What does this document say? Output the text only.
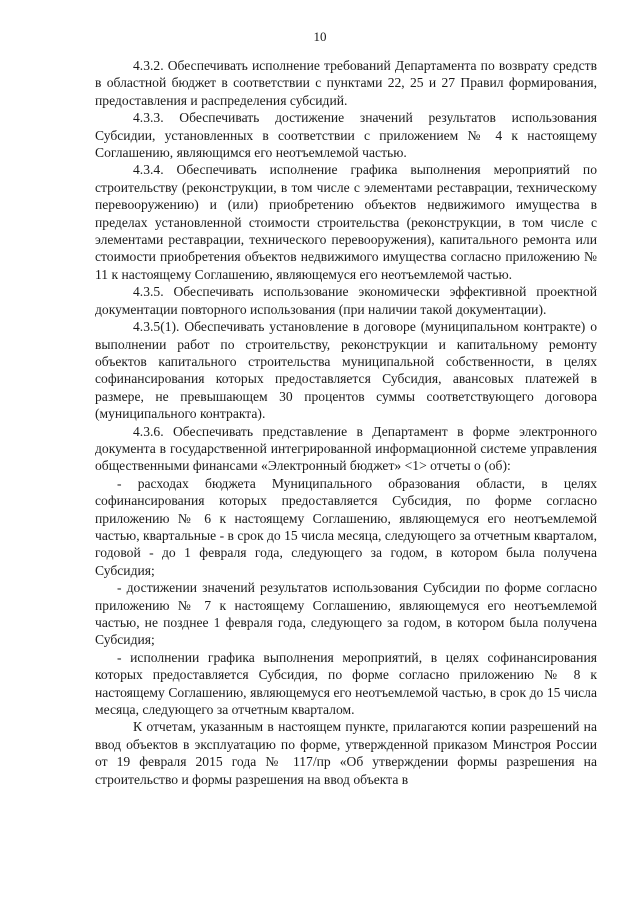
10

4.3.2. Обеспечивать исполнение требований Департамента по возврату средств в областной бюджет в соответствии с пунктами 22, 25 и 27 Правил формирования, предоставления и распределения субсидий.

4.3.3. Обеспечивать достижение значений результатов использования Субсидии, установленных в соответствии с приложением № 4 к настоящему Соглашению, являющимся его неотъемлемой частью.

4.3.4. Обеспечивать исполнение графика выполнения мероприятий по строительству (реконструкции, в том числе с элементами реставрации, техническому перевооружению) и (или) приобретению объектов недвижимого имущества в пределах установленной стоимости строительства (реконструкции, в том числе с элементами реставрации, технического перевооружения), капитального ремонта или стоимости приобретения объектов недвижимого имущества согласно приложению № 11 к настоящему Соглашению, являющемуся его неотъемлемой частью.

4.3.5. Обеспечивать использование экономически эффективной проектной документации повторного использования (при наличии такой документации).

4.3.5(1). Обеспечивать установление в договоре (муниципальном контракте) о выполнении работ по строительству, реконструкции и капитальному ремонту объектов капитального строительства муниципальной собственности, в целях софинансирования которых предоставляется Субсидия, авансовых платежей в размере, не превышающем 30 процентов суммы соответствующего договора (муниципального контракта).

4.3.6. Обеспечивать представление в Департамент в форме электронного документа в государственной интегрированной информационной системе управления общественными финансами «Электронный бюджет» <1> отчеты о (об):

- расходах бюджета Муниципального образования области, в целях софинансирования которых предоставляется Субсидия, по форме согласно приложению № 6 к настоящему Соглашению, являющемуся его неотъемлемой частью, квартальные - в срок до 15 числа месяца, следующего за отчетным кварталом, годовой - до 1 февраля года, следующего за годом, в котором была получена Субсидия;

- достижении значений результатов использования Субсидии по форме согласно приложению № 7 к настоящему Соглашению, являющемуся его неотъемлемой частью, не позднее 1 февраля года, следующего за годом, в котором была получена Субсидия;

- исполнении графика выполнения мероприятий, в целях софинансирования которых предоставляется Субсидия, по форме согласно приложению № 8 к настоящему Соглашению, являющемуся его неотъемлемой частью, в срок до 15 числа месяца, следующего за отчетным кварталом.

К отчетам, указанным в настоящем пункте, прилагаются копии разрешений на ввод объектов в эксплуатацию по форме, утвержденной приказом Минстроя России от 19 февраля 2015 года № 117/пр «Об утверждении формы разрешения на строительство и формы разрешения на ввод объекта в
